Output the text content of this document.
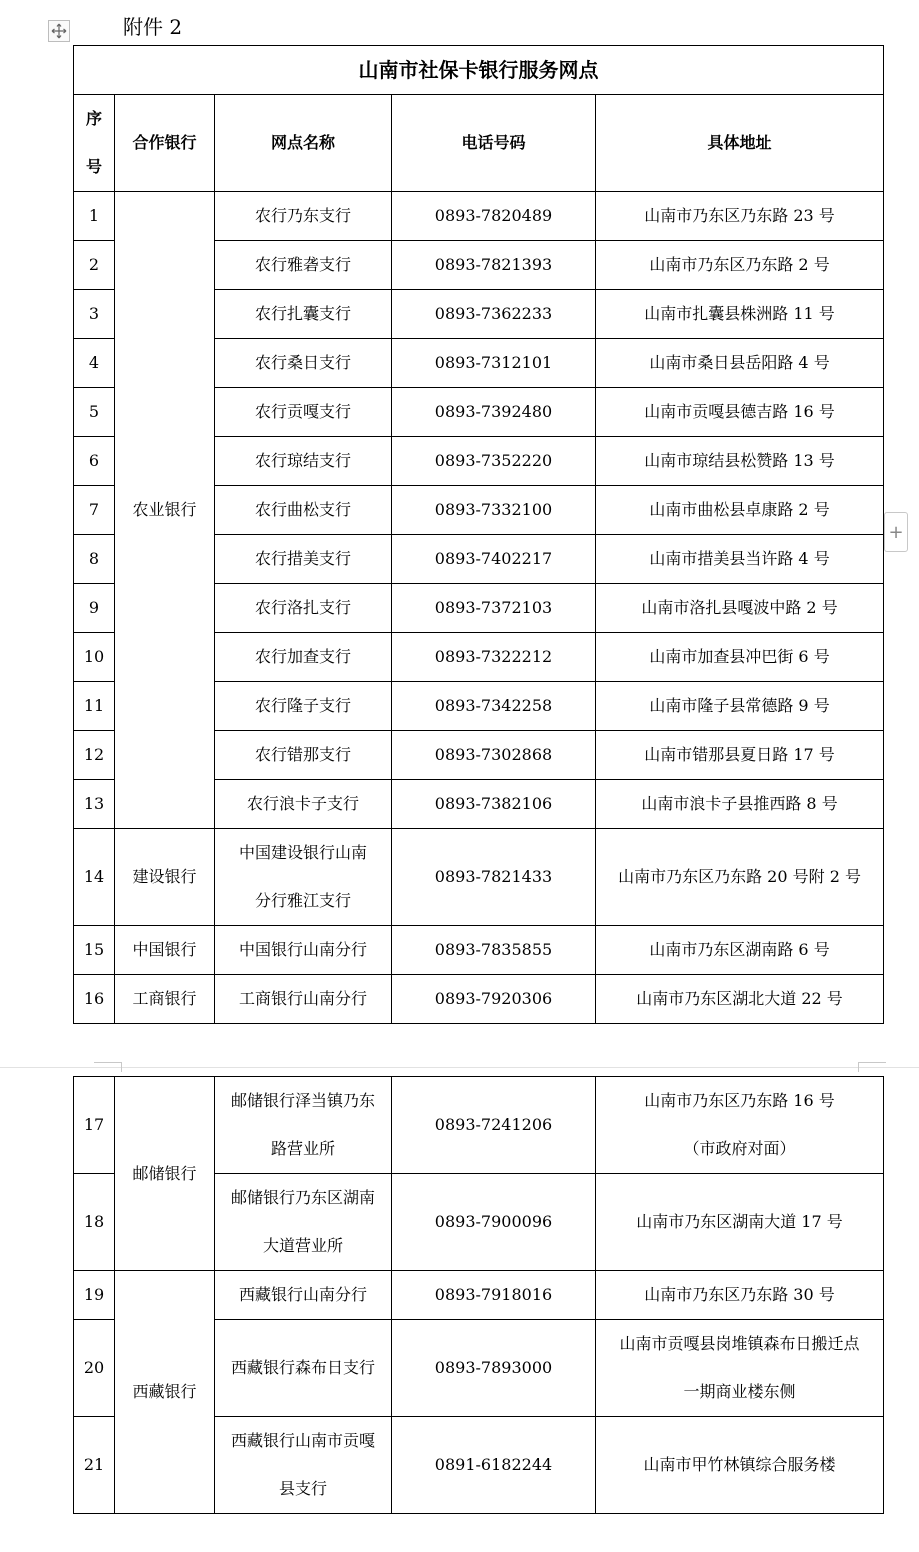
附件 2
+
山南市社保卡银行服务网点				

序
号	合作银行	网点名称	电话号码	具体地址
1	农业银行	农行乃东支行	0893-7820489	山南市乃东区乃东路 23 号
2		农行雅砻支行	0893-7821393	山南市乃东区乃东路 2 号
3		农行扎囊支行	0893-7362233	山南市扎囊县株洲路 11 号
4		农行桑日支行	0893-7312101	山南市桑日县岳阳路 4 号
5		农行贡嘎支行	0893-7392480	山南市贡嘎县德吉路 16 号
6		农行琼结支行	0893-7352220	山南市琼结县松赞路 13 号
7		农行曲松支行	0893-7332100	山南市曲松县卓康路 2 号
8		农行措美支行	0893-7402217	山南市措美县当许路 4 号
9		农行洛扎支行	0893-7372103	山南市洛扎县嘎波中路 2 号
10		农行加查支行	0893-7322212	山南市加查县冲巴街 6 号
11		农行隆子支行	0893-7342258	山南市隆子县常德路 9 号
12		农行错那支行	0893-7302868	山南市错那县夏日路 17 号
13		农行浪卡子支行	0893-7382106	山南市浪卡子县推西路 8 号
14	建设银行	中国建设银行山南
分行雅江支行	0893-7821433	山南市乃东区乃东路 20 号附 2 号
15	中国银行	中国银行山南分行	0893-7835855	山南市乃东区湖南路 6 号
16	工商银行	工商银行山南分行	0893-7920306	山南市乃东区湖北大道 22 号
17	邮储银行	邮储银行泽当镇乃东
路营业所	0893-7241206	山南市乃东区乃东路 16 号
（市政府对面）

18		邮储银行乃东区湖南
大道营业所	0893-7900096	山南市乃东区湖南大道 17 号
19	西藏银行	西藏银行山南分行	0893-7918016	山南市乃东区乃东路 30 号
20		西藏银行森布日支行	0893-7893000	山南市贡嘎县岗堆镇森布日搬迁点
一期商业楼东侧

21		西藏银行山南市贡嘎
县支行	0891-6182244	山南市甲竹林镇综合服务楼
